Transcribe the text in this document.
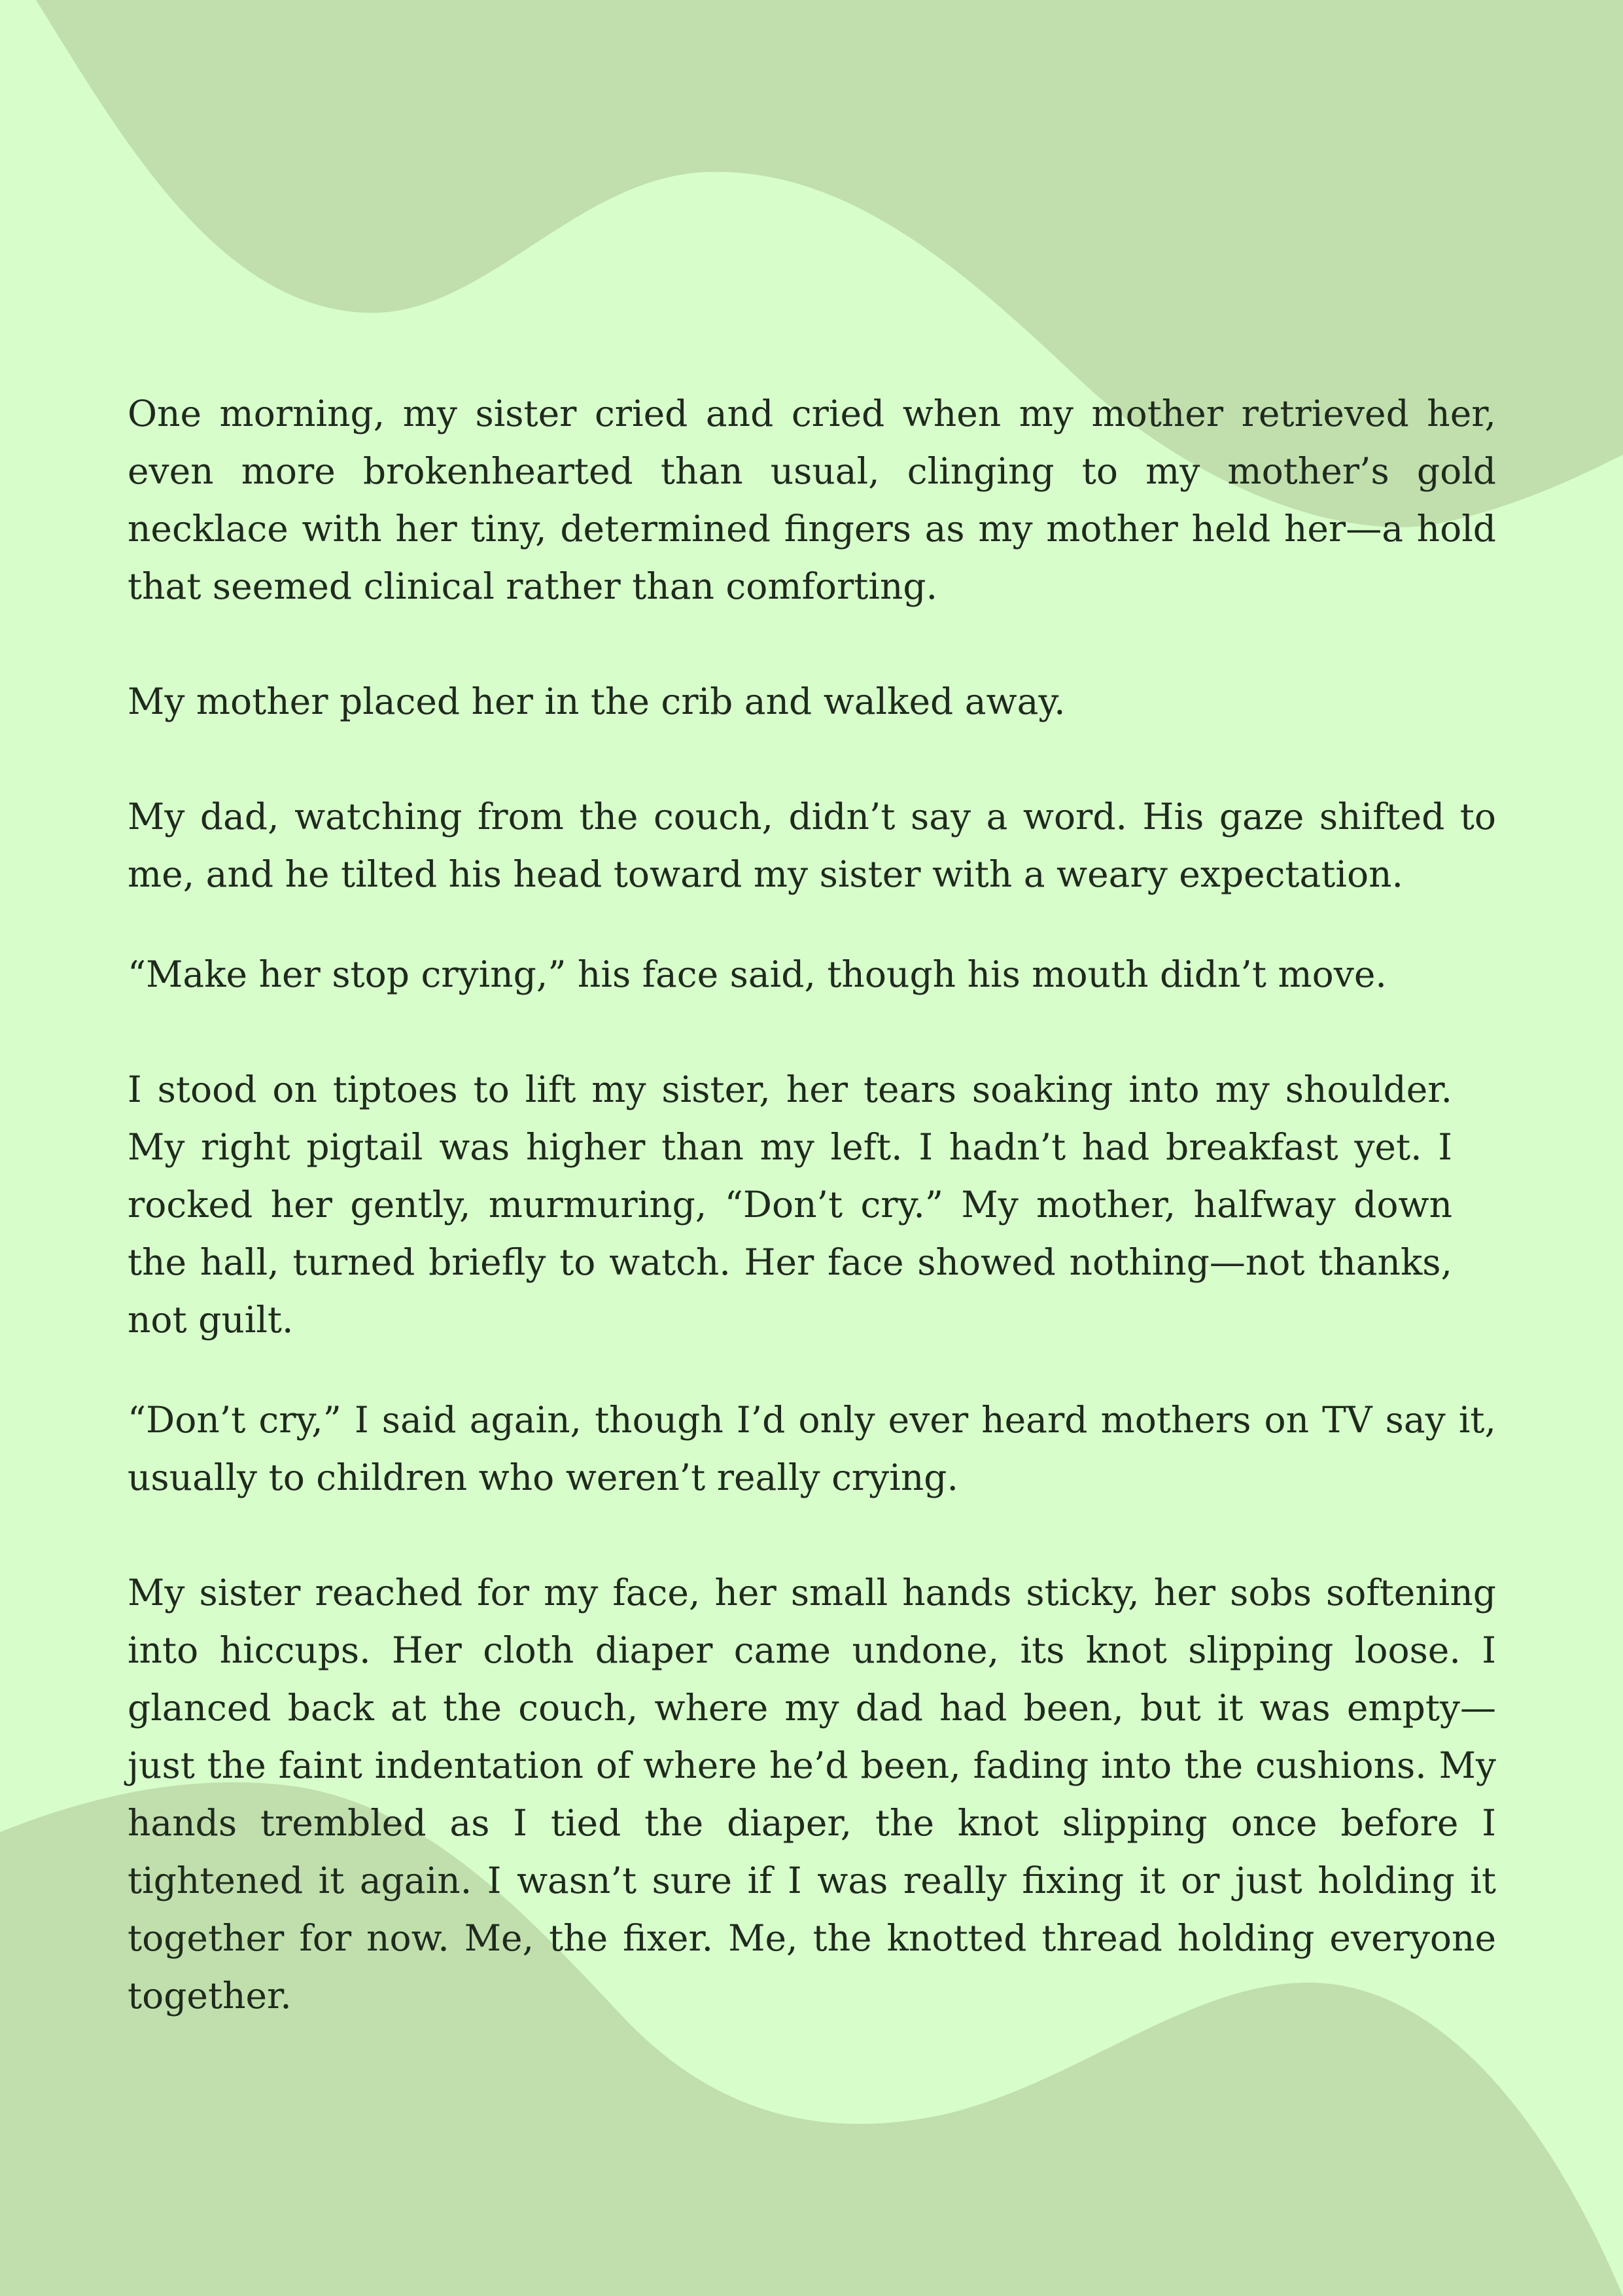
One morning, my sister cried and cried when my mother retrieved her, even more brokenhearted than usual, clinging to my mother’s gold necklace with her tiny, determined fingers as my mother held her—a hold that seemed clinical rather than comforting.

My mother placed her in the crib and walked away.

My dad, watching from the couch, didn’t say a word. His gaze shifted to me, and he tilted his head toward my sister with a weary expectation.

“Make her stop crying,” his face said, though his mouth didn’t move.

I stood on tiptoes to lift my sister, her tears soaking into my shoulder. My right pigtail was higher than my left. I hadn’t had breakfast yet. I rocked her gently, murmuring, “Don’t cry.” My mother, halfway down the hall, turned briefly to watch. Her face showed nothing—not thanks, not guilt.

“Don’t cry,” I said again, though I’d only ever heard mothers on TV say it, usually to children who weren’t really crying.

My sister reached for my face, her small hands sticky, her sobs softening into hiccups. Her cloth diaper came undone, its knot slipping loose. I glanced back at the couch, where my dad had been, but it was empty—just the faint indentation of where he’d been, fading into the cushions. My hands trembled as I tied the diaper, the knot slipping once before I tightened it again. I wasn’t sure if I was really fixing it or just holding it together for now. Me, the fixer. Me, the knotted thread holding everyone together.
